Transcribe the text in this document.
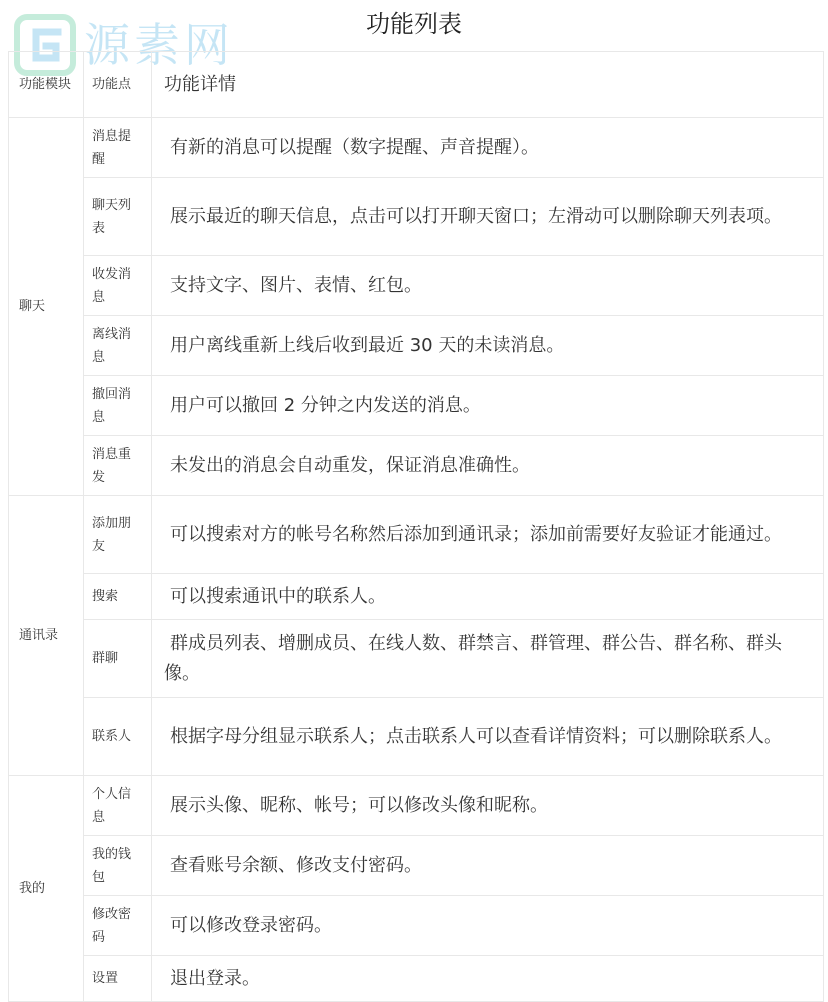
源素网	功能列表
功能模块	功能点	功能详情
聊天	消息提醒	有新的消息可以提醒（数字提醒、声音提醒）。
	聊天列表	展示最近的聊天信息，点击可以打开聊天窗口；左滑动可以删除聊天列表项。
	收发消息	支持文字、图片、表情、红包。
	离线消息	用户离线重新上线后收到最近 30 天的未读消息。
	撤回消息	用户可以撤回 2 分钟之内发送的消息。
	消息重发	未发出的消息会自动重发，保证消息准确性。
通讯录	添加朋友	可以搜索对方的帐号名称然后添加到通讯录；添加前需要好友验证才能通过。
	搜索	可以搜索通讯中的联系人。
	群聊	群成员列表、增删成员、在线人数、群禁言、群管理、群公告、群名称、群头像。
	联系人	根据字母分组显示联系人；点击联系人可以查看详情资料；可以删除联系人。
我的	个人信息	展示头像、昵称、帐号；可以修改头像和昵称。
	我的钱包	查看账号余额、修改支付密码。
	修改密码	可以修改登录密码。
	设置	退出登录。
